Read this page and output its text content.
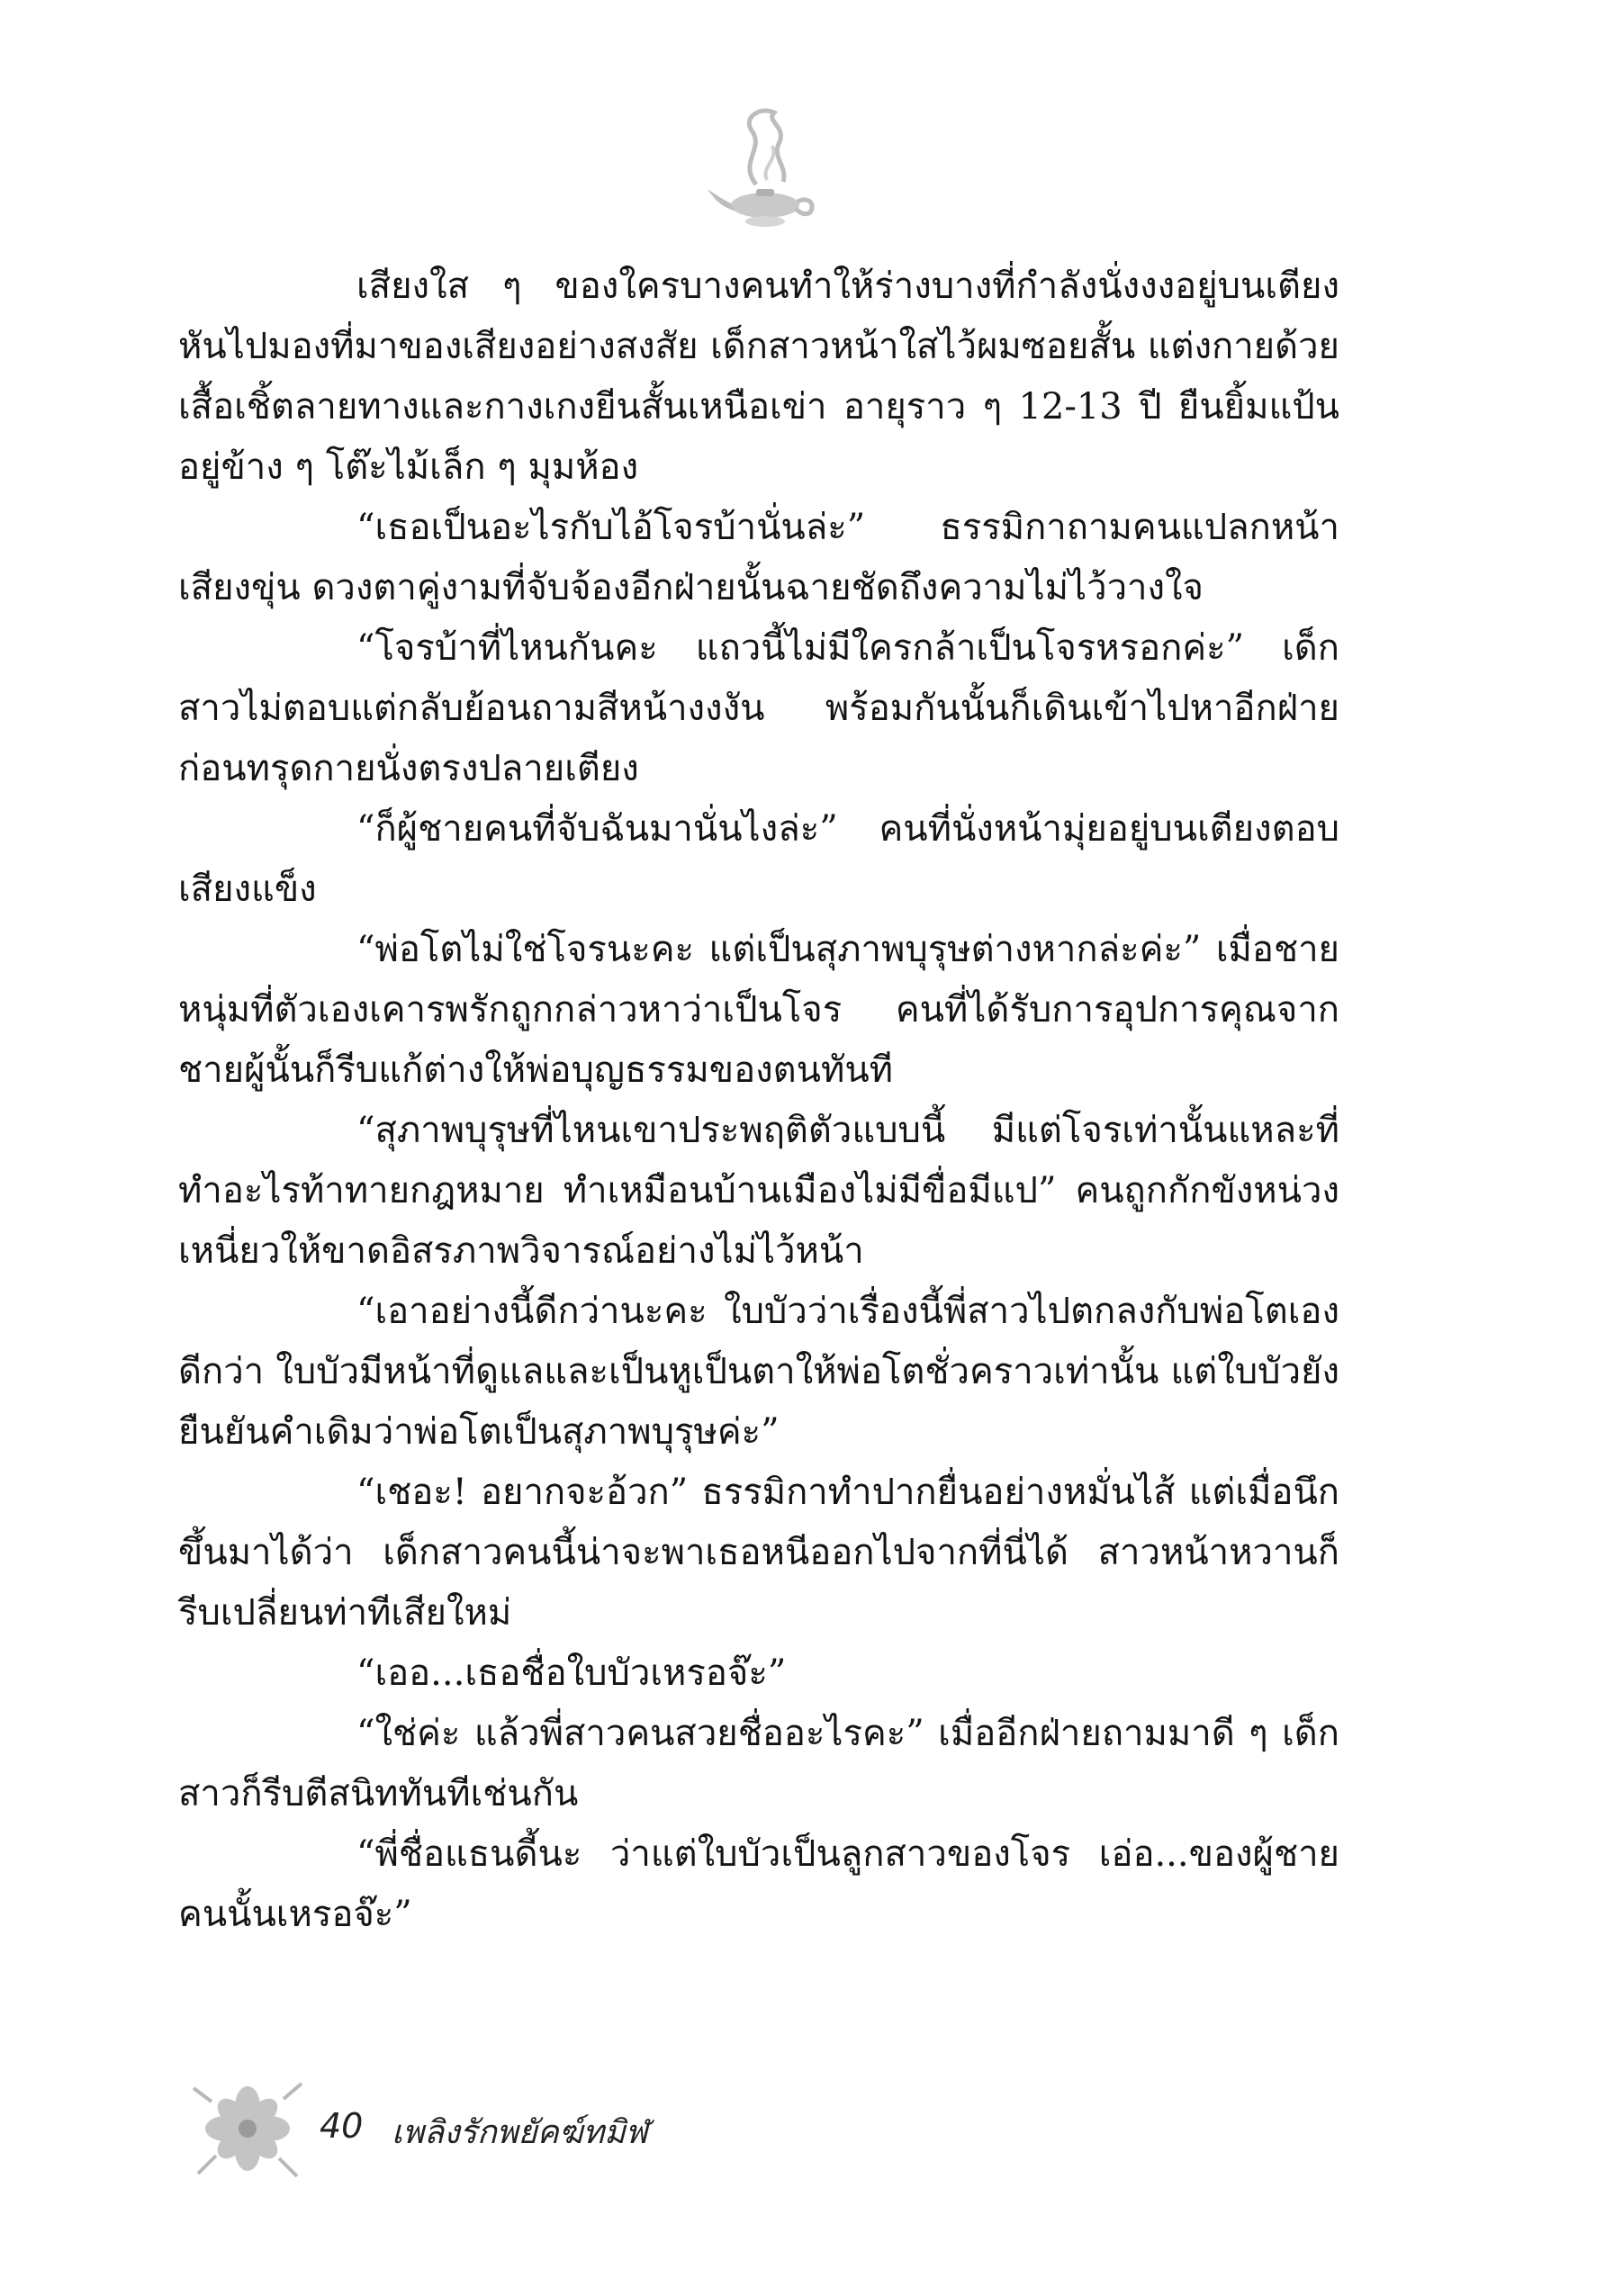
เสียงใส ๆ ของใครบางคนทำให้ร่างบางที่กำลังนั่งงงอยู่บนเตียงหันไปมองที่มาของเสียงอย่างสงสัย เด็กสาวหน้าใสไว้ผมซอยสั้น แต่งกายด้วยเสื้อเชิ้ตลายทางและกางเกงยีนสั้นเหนือเข่า อายุราว ๆ 12-13 ปี ยืนยิ้มแป้นอยู่ข้าง ๆ โต๊ะไม้เล็ก ๆ มุมห้อง

“เธอเป็นอะไรกับไอ้โจรบ้านั่นล่ะ” ธรรมิกาถามคนแปลกหน้าเสียงขุ่น ดวงตาคู่งามที่จับจ้องอีกฝ่ายนั้นฉายชัดถึงความไม่ไว้วางใจ

“โจรบ้าที่ไหนกันคะ แถวนี้ไม่มีใครกล้าเป็นโจรหรอกค่ะ” เด็กสาวไม่ตอบแต่กลับย้อนถามสีหน้างงงัน พร้อมกันนั้นก็เดินเข้าไปหาอีกฝ่าย ก่อนทรุดกายนั่งตรงปลายเตียง

“ก็ผู้ชายคนที่จับฉันมานั่นไงล่ะ” คนที่นั่งหน้ามุ่ยอยู่บนเตียงตอบเสียงแข็ง

“พ่อโตไม่ใช่โจรนะคะ แต่เป็นสุภาพบุรุษต่างหากล่ะค่ะ” เมื่อชายหนุ่มที่ตัวเองเคารพรักถูกกล่าวหาว่าเป็นโจร คนที่ได้รับการอุปการคุณจากชายผู้นั้นก็รีบแก้ต่างให้พ่อบุญธรรมของตนทันที

“สุภาพบุรุษที่ไหนเขาประพฤติตัวแบบนี้ มีแต่โจรเท่านั้นแหละที่ทำอะไรท้าทายกฎหมาย ทำเหมือนบ้านเมืองไม่มีขื่อมีแป” คนถูกกักขังหน่วงเหนี่ยวให้ขาดอิสรภาพวิจารณ์อย่างไม่ไว้หน้า

“เอาอย่างนี้ดีกว่านะคะ ใบบัวว่าเรื่องนี้พี่สาวไปตกลงกับพ่อโตเองดีกว่า ใบบัวมีหน้าที่ดูแลและเป็นหูเป็นตาให้พ่อโตชั่วคราวเท่านั้น แต่ใบบัวยังยืนยันคำเดิมว่าพ่อโตเป็นสุภาพบุรุษค่ะ”

“เชอะ! อยากจะอ้วก” ธรรมิกาทำปากยื่นอย่างหมั่นไส้ แต่เมื่อนึกขึ้นมาได้ว่า เด็กสาวคนนี้น่าจะพาเธอหนีออกไปจากที่นี่ได้ สาวหน้าหวานก็รีบเปลี่ยนท่าทีเสียใหม่

“เออ...เธอชื่อใบบัวเหรอจ๊ะ”

“ใช่ค่ะ แล้วพี่สาวคนสวยชื่ออะไรคะ” เมื่ออีกฝ่ายถามมาดี ๆ เด็กสาวก็รีบตีสนิททันทีเช่นกัน

“พี่ชื่อแธนดี้นะ ว่าแต่ใบบัวเป็นลูกสาวของโจร เอ่อ...ของผู้ชายคนนั้นเหรอจ๊ะ”

40 เพลิงรักพยัคฆ์ทมิฬ
